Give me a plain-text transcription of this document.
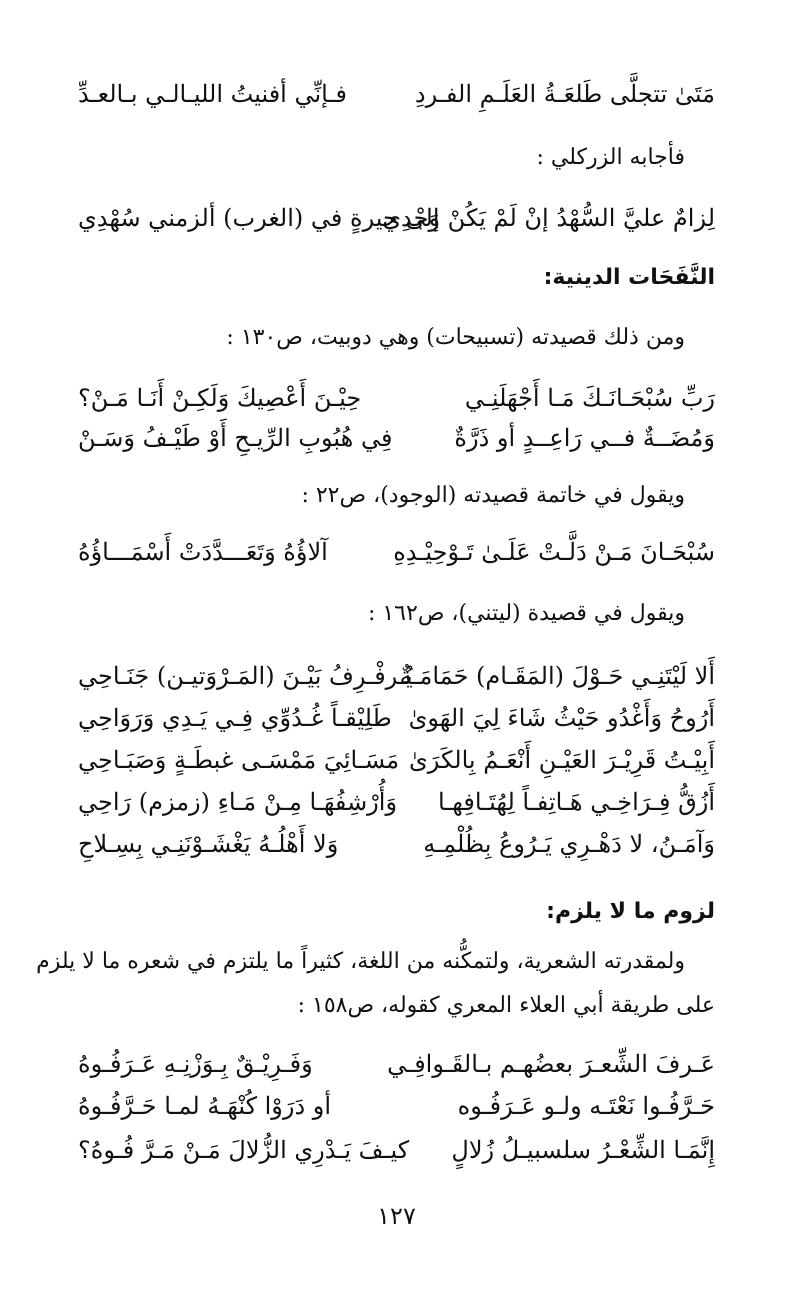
مَتَىٰ تتجلَّى طَلعَـةُ العَلَـمِ الفـردِ
فـإنِّي أفنيتُ الليـالـي بـالعـدِّ
فأجابه الزركلي :
لِزامٌ عليَّ السُّهْدُ إنْ لَمْ يَكُنْ وَجْدِي
إلى جيرةٍ في (الغرب) ألزمني سُهْدِي
النَّفَحَات الدينية:
ومن ذلك قصيدته (تسبيحات) وهي دوبيت، ص١٣٠ :
رَبِّ سُبْحَـانَـكَ مَـا أَجْهَلَنِـي
حِيْـنَ أَعْصِيكَ وَلَكِـنْ أَنَـا مَـنْ؟
وَمُضَــةٌ فــي رَاعِــدٍ أو ذَرَّةٌ
فِي هُبُوبِ الرِّيـحِ أَوْ طَيْـفُ وَسَـنْ
ويقول في خاتمة قصيدته (الوجود)، ص٢٢ :
سُبْحَـانَ مَـنْ دَلَّـتْ عَلَـىٰ تَـوْحِيْـدِهِ
آلاؤُهُ وَتَعَـــدَّدَتْ أَسْمَـــاؤُهُ
ويقول في قصيدة (ليتني)، ص١٦٢ :
أَلا لَيْتَنِـي حَـوْلَ (المَقَـام) حَمَامَـةٌ
يُـرفْـرِفُ بَيْـنَ (المَـرْوَتيـن) جَنَـاحِي
أَرُوحُ وَأَغْدُو حَيْثُ شَاءَ لِيَ الهَوىٰ
طَلِيْقـاً غُـدُوِّي فِـي يَـدِي وَرَوَاحِي
أَبِيْـتُ قَرِيْـرَ العَيْـنِ أَنْعَـمُ بِالكَرَىٰ
مَسَـائِيَ مَمْسَـى غبطَـةٍ وَصَبَـاحِي
أَزُقُّ فِـرَاخِـي هَـاتِفـاً لِهُتَـافِهـا
وَأُرْشِفُهَـا مِـنْ مَـاءِ (زمزم) رَاحِي
وَآمَـنُ، لا دَهْـرِي يَـرُوعُ بِظُلْمِـهِ
وَلا أَهْلُـهُ يَغْشَـوْنَنِـي بِسِـلاحِ
لزوم ما لا يلزم:
ولمقدرته الشعرية، ولتمكُّنه من اللغة، كثيراً ما يلتزم في شعره ما لا يلزم
على طريقة أبي العلاء المعري كقوله، ص١٥٨ :
عَـرفَ الشِّعـرَ بعضُهـم بـالقَـوافِـي
وَفَـرِيْـقٌ بِـوَزْنِـهِ عَـرَفُـوهُ
حَـرَّفُـوا نَعْتَـه ولـو عَـرَفُـوه
أو دَرَوْا كُنْهَـهُ لمـا حَـرَّفُـوهُ
إِنَّمَـا الشِّعْـرُ سلسبيـلُ زُلالٍ
كيـفَ يَـدْرِي الزُّلالَ مَـنْ مَـرَّ فُـوهُ؟
١٢٧
